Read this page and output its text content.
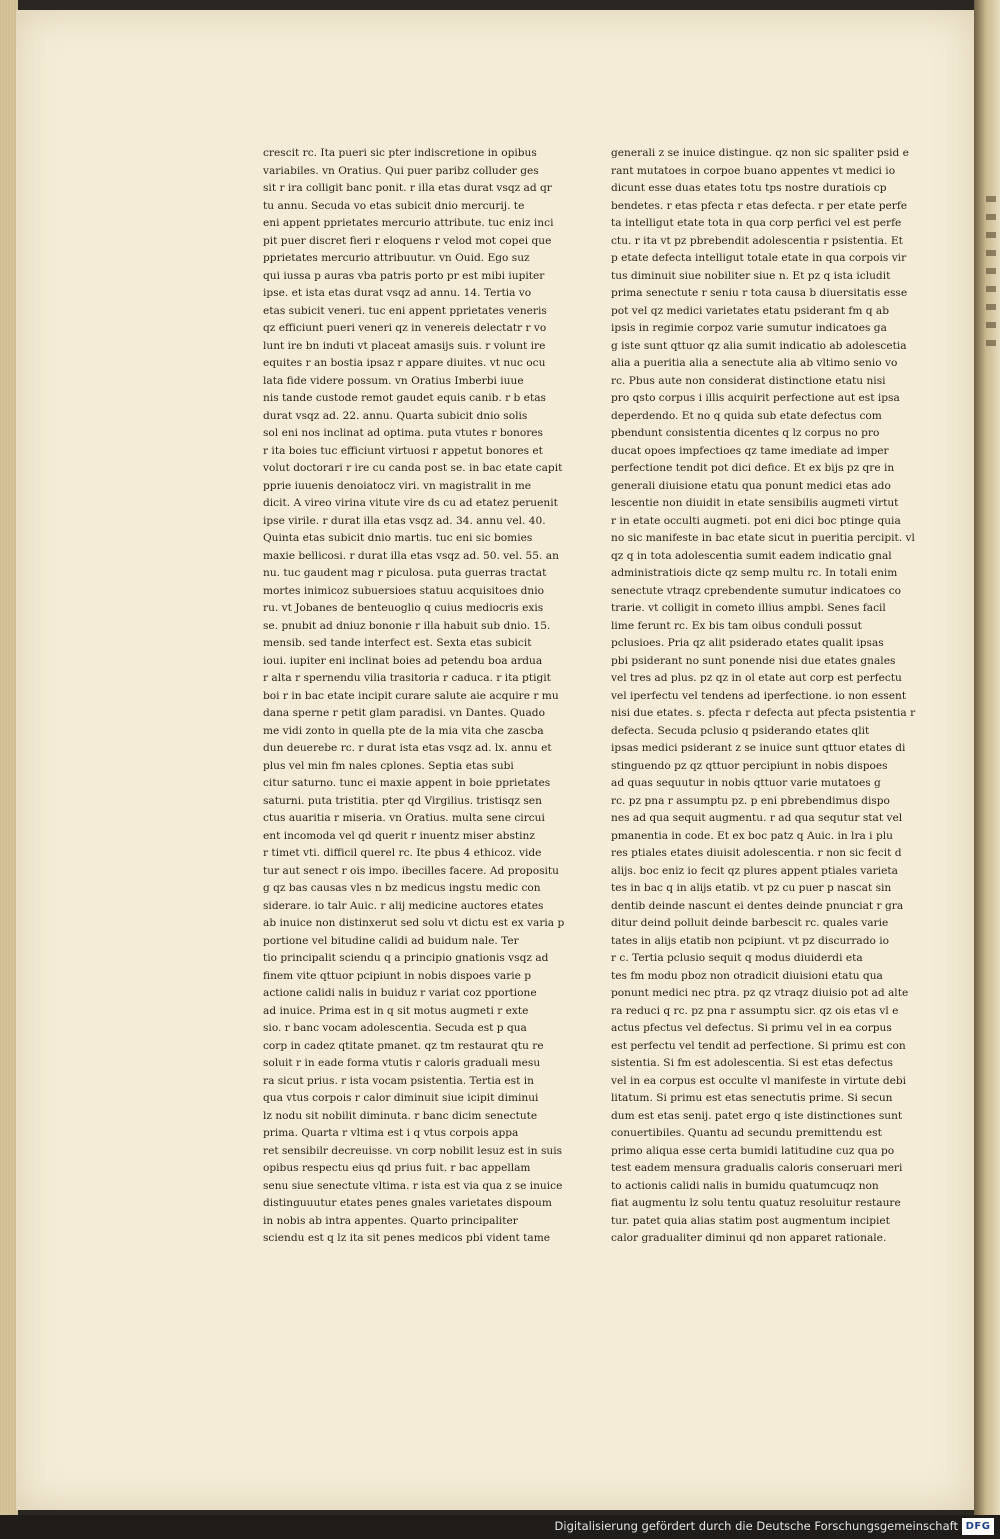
crescit rc. Ita pueri sic pter indiscretione in opibus
variabiles. vn Oratius. Qui puer paribz colluder ges
sit r ira colligit banc ponit. r illa etas durat vsqz ad qr
tu annu. Secuda vo etas subicit dnio mercurij. te
eni appent pprietates mercurio attribute. tuc eniz inci
pit puer discret fieri r eloquens r velod mot copei que
pprietates mercurio attribuutur. vn Ouid. Ego suz
qui iussa p auras vba patris porto pr est mibi iupiter
ipse. et ista etas durat vsqz ad annu. 14. Tertia vo
etas subicit veneri. tuc eni appent pprietates veneris
qz efficiunt pueri veneri qz in venereis delectatr r vo
lunt ire bn induti vt placeat amasijs suis. r volunt ire
equites r an bostia ipsaz r appare diuites. vt nuc ocu
lata fide videre possum. vn Oratius Imberbi iuue
nis tande custode remot gaudet equis canib. r b etas
durat vsqz ad. 22. annu. Quarta subicit dnio solis
sol eni nos inclinat ad optima. puta vtutes r bonores
r ita boies tuc efficiunt virtuosi r appetut bonores et
volut doctorari r ire cu canda post se. in bac etate capit
pprie iuuenis denoiatocz viri. vn magistralit in me
dicit. A vireo virina vitute vire ds cu ad etatez peruenit
ipse virile. r durat illa etas vsqz ad. 34. annu vel. 40.
Quinta etas subicit dnio martis. tuc eni sic bomies
maxie bellicosi. r durat illa etas vsqz ad. 50. vel. 55. an
nu. tuc gaudent mag r piculosa. puta guerras tractat
mortes inimicoz subuersioes statuu acquisitoes dnio
ru. vt Jobanes de benteuoglio q cuius mediocris exis
se. pnubit ad dniuz bononie r illa habuit sub dnio. 15.
mensib. sed tande interfect est. Sexta etas subicit
ioui. iupiter eni inclinat boies ad petendu boa ardua
r alta r spernendu vilia trasitoria r caduca. r ita ptigit
boi r in bac etate incipit curare salute aie acquire r mu
dana sperne r petit glam paradisi. vn Dantes. Quado
me vidi zonto in quella pte de la mia vita che zascba
dun deuerebe rc. r durat ista etas vsqz ad. lx. annu et
plus vel min fm nales cplones. Septia etas subi
citur saturno. tunc ei maxie appent in boie pprietates
saturni. puta tristitia. pter qd Virgilius. tristisqz sen
ctus auaritia r miseria. vn Oratius. multa sene circui
ent incomoda vel qd querit r inuentz miser abstinz
r timet vti. difficil querel rc. Ite pbus 4 ethicoz. vide
tur aut senect r ois impo. ibecilles facere. Ad propositu
g qz bas causas vles n bz medicus ingstu medic con
siderare. io talr Auic. r alij medicine auctores etates
ab inuice non distinxerut sed solu vt dictu est ex varia p
portione vel bitudine calidi ad buidum nale. Ter
tio principalit sciendu q a principio gnationis vsqz ad
finem vite qttuor pcipiunt in nobis dispoes varie p
actione calidi nalis in buiduz r variat coz pportione
ad inuice. Prima est in q sit motus augmeti r exte
sio. r banc vocam adolescentia. Secuda est p qua
corp in cadez qtitate pmanet. qz tm restaurat qtu re
soluit r in eade forma vtutis r caloris graduali mesu
ra sicut prius. r ista vocam psistentia. Tertia est in
qua vtus corpois r calor diminuit siue icipit diminui
lz nodu sit nobilit diminuta. r banc dicim senectute
prima. Quarta r vltima est i q vtus corpois appa
ret sensibilr decreuisse. vn corp nobilit lesuz est in suis
opibus respectu eius qd prius fuit. r bac appellam
senu siue senectute vltima. r ista est via qua z se inuice
distinguuutur etates penes gnales varietates dispoum
in nobis ab intra appentes. Quarto principaliter
sciendu est q lz ita sit penes medicos pbi vident tame
generali z se inuice distingue. qz non sic spaliter psid e
rant mutatoes in corpoe buano appentes vt medici io
dicunt esse duas etates totu tps nostre duratiois cp
bendetes. r etas pfecta r etas defecta. r per etate perfe
ta intelligut etate tota in qua corp perfici vel est perfe
ctu. r ita vt pz pbrebendit adolescentia r psistentia. Et
p etate defecta intelligut totale etate in qua corpois vir
tus diminuit siue nobiliter siue n. Et pz q ista icludit
prima senectute r seniu r tota causa b diuersitatis esse
pot vel qz medici varietates etatu psiderant fm q ab
ipsis in regimie corpoz varie sumutur indicatoes ga
g iste sunt qttuor qz alia sumit indicatio ab adolescetia
alia a pueritia alia a senectute alia ab vltimo senio vo
rc. Pbus aute non considerat distinctione etatu nisi
pro qsto corpus i illis acquirit perfectione aut est ipsa
deperdendo. Et no q quida sub etate defectus com
pbendunt consistentia dicentes q lz corpus no pro
ducat opoes impfectioes qz tame imediate ad imper
perfectione tendit pot dici defice. Et ex bijs pz qre in
generali diuisione etatu qua ponunt medici etas ado
lescentie non diuidit in etate sensibilis augmeti virtut
r in etate occulti augmeti. pot eni dici boc ptinge quia
no sic manifeste in bac etate sicut in pueritia percipit. vl
qz q in tota adolescentia sumit eadem indicatio gnal
administratiois dicte qz semp multu rc. In totali enim
senectute vtraqz cprebendente sumutur indicatoes co
trarie. vt colligit in cometo illius ampbi. Senes facil
lime ferunt rc. Ex bis tam oibus conduli possut
pclusioes. Pria qz alit psiderado etates qualit ipsas
pbi psiderant no sunt ponende nisi due etates gnales
vel tres ad plus. pz qz in ol etate aut corp est perfectu
vel iperfectu vel tendens ad iperfectione. io non essent
nisi due etates. s. pfecta r defecta aut pfecta psistentia r
defecta. Secuda pclusio q psiderando etates qlit
ipsas medici psiderant z se inuice sunt qttuor etates di
stinguendo pz qz qttuor percipiunt in nobis dispoes
ad quas sequutur in nobis qttuor varie mutatoes g
rc. pz pna r assumptu pz. p eni pbrebendimus dispo
nes ad qua sequit augmentu. r ad qua sequtur stat vel
pmanentia in code. Et ex boc patz q Auic. in lra i plu
res ptiales etates diuisit adolescentia. r non sic fecit d
alijs. boc eniz io fecit qz plures appent ptiales varieta
tes in bac q in alijs etatib. vt pz cu puer p nascat sin
dentib deinde nascunt ei dentes deinde pnunciat r gra
ditur deind polluit deinde barbescit rc. quales varie
tates in alijs etatib non pcipiunt. vt pz discurrado io
r c. Tertia pclusio sequit q modus diuiderdi eta
tes fm modu pboz non otradicit diuisioni etatu qua
ponunt medici nec ptra. pz qz vtraqz diuisio pot ad alte
ra reduci q rc. pz pna r assumptu sicr. qz ois etas vl e
actus pfectus vel defectus. Si primu vel in ea corpus
est perfectu vel tendit ad perfectione. Si primu est con
sistentia. Si fm est adolescentia. Si est etas defectus
vel in ea corpus est occulte vl manifeste in virtute debi
litatum. Si primu est etas senectutis prime. Si secun
dum est etas senij. patet ergo q iste distinctiones sunt
conuertibiles. Quantu ad secundu premittendu est
primo aliqua esse certa bumidi latitudine cuz qua po
test eadem mensura gradualis caloris conseruari meri
to actionis calidi nalis in bumidu quatumcuqz non
fiat augmentu lz solu tentu quatuz resoluitur restaure
tur. patet quia alias statim post augmentum incipiet
calor gradualiter diminui qd non apparet rationale.
Digitalisierung gefördert durch die Deutsche Forschungsgemeinschaft DFG
